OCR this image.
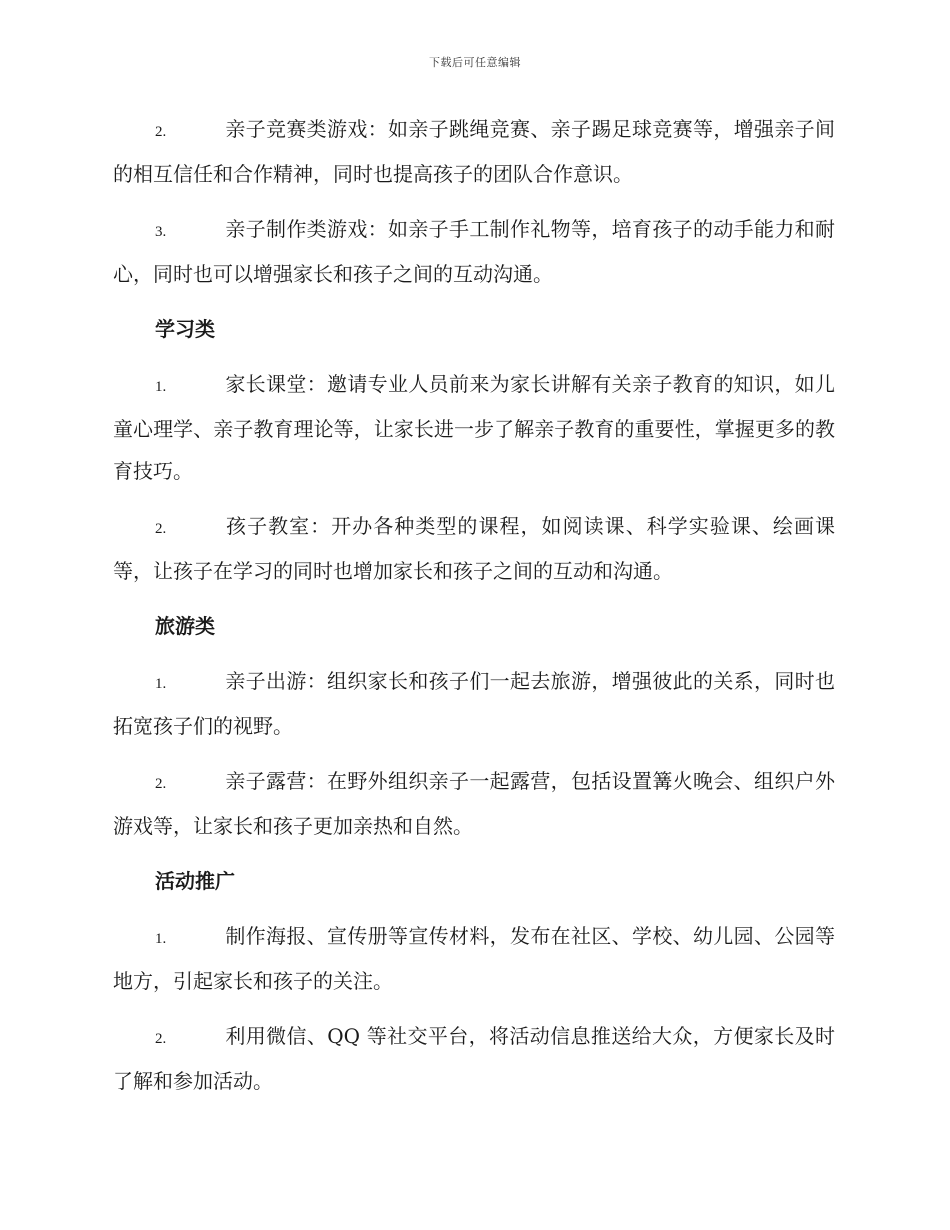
下载后可任意编辑

2.	亲子竞赛类游戏：如亲子跳绳竞赛、亲子踢足球竞赛等，增强亲子间的相互信任和合作精神，同时也提高孩子的团队合作意识。

3.	亲子制作类游戏：如亲子手工制作礼物等，培育孩子的动手能力和耐心，同时也可以增强家长和孩子之间的互动沟通。

学习类

1.	家长课堂：邀请专业人员前来为家长讲解有关亲子教育的知识，如儿童心理学、亲子教育理论等，让家长进一步了解亲子教育的重要性，掌握更多的教育技巧。

2.	孩子教室：开办各种类型的课程，如阅读课、科学实验课、绘画课等，让孩子在学习的同时也增加家长和孩子之间的互动和沟通。

旅游类

1.	亲子出游：组织家长和孩子们一起去旅游，增强彼此的关系，同时也拓宽孩子们的视野。

2.	亲子露营：在野外组织亲子一起露营，包括设置篝火晚会、组织户外游戏等，让家长和孩子更加亲热和自然。

活动推广

1.	制作海报、宣传册等宣传材料，发布在社区、学校、幼儿园、公园等地方，引起家长和孩子的关注。

2.	利用微信、QQ 等社交平台，将活动信息推送给大众，方便家长及时了解和参加活动。
